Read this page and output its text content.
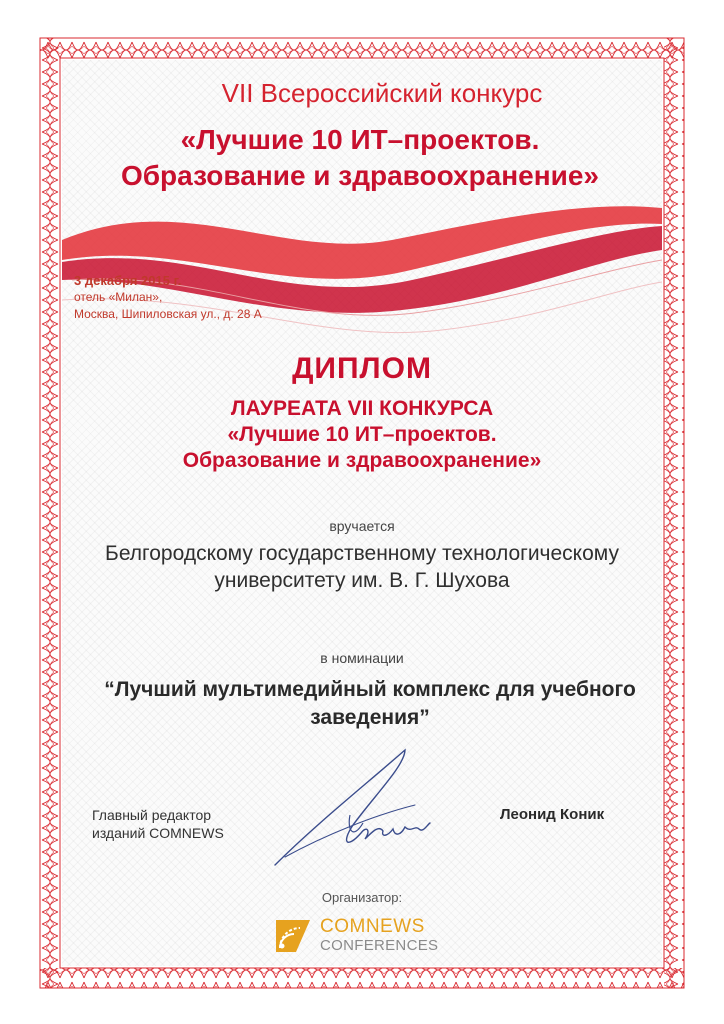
VII Всероссийский конкурс
«Лучшие 10 ИТ–проектов.
Образование и здравоохранение»
3 декабря 2015 г.
отель «Милан»,
Москва, Шипиловская ул., д. 28 А
ДИПЛОМ
ЛАУРЕАТА VII КОНКУРСА
«Лучшие 10 ИТ–проектов.
Образование и здравоохранение»
вручается
Белгородскому государственному технологическому
университету им. В. Г. Шухова
в номинации
“Лучший мультимедийный комплекс для учебного
заведения”
Главный редактор
изданий COMNEWS
Леонид Коник
Организатор:
COMNEWS
CONFERENCES
